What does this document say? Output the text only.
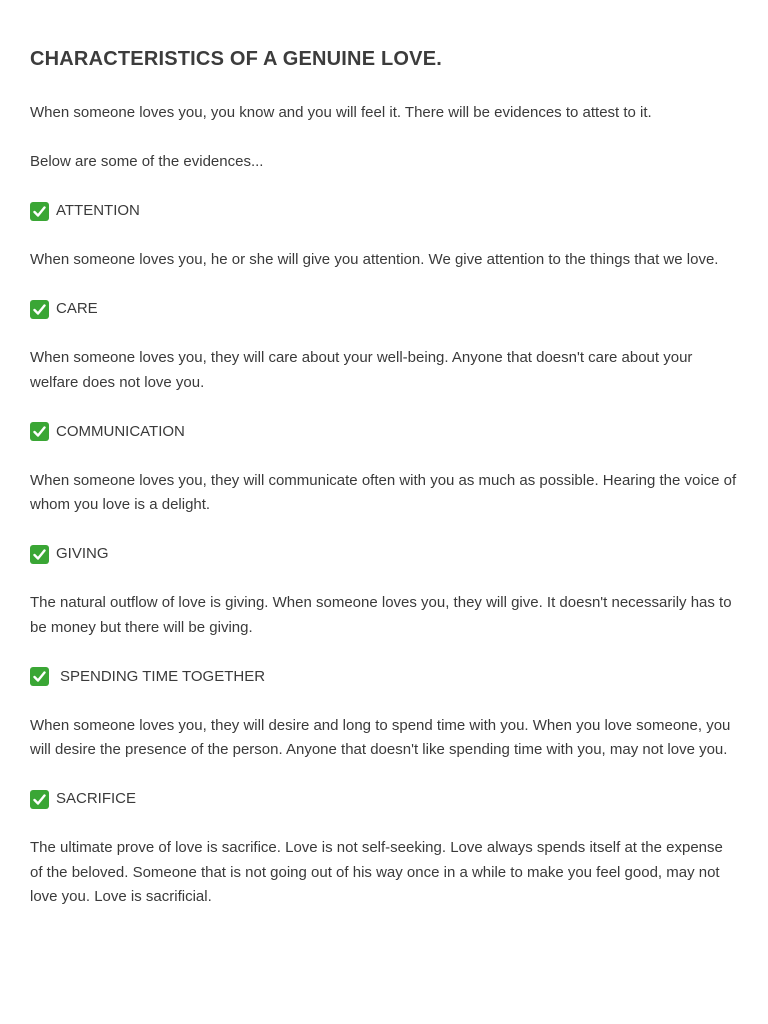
CHARACTERISTICS OF A GENUINE LOVE.

When someone loves you, you know and you will feel it. There will be evidences to attest to it.

Below are some of the evidences...

ATTENTION

When someone loves you, he or she will give you attention. We give attention to the things that we love.

CARE

When someone loves you, they will care about your well-being. Anyone that doesn't care about your welfare does not love you.

COMMUNICATION

When someone loves you, they will communicate often with you as much as possible. Hearing the voice of whom you love is a delight.

GIVING

The natural outflow of love is giving. When someone loves you, they will give. It doesn't necessarily has to be money but there will be giving.

SPENDING TIME TOGETHER

When someone loves you, they will desire and long to spend time with you. When you love someone, you will desire the presence of the person. Anyone that doesn't like spending time with you, may not love you.

SACRIFICE

The ultimate prove of love is sacrifice. Love is not self-seeking. Love always spends itself at the expense of the beloved. Someone that is not going out of his way once in a while to make you feel good, may not love you. Love is sacrificial.
